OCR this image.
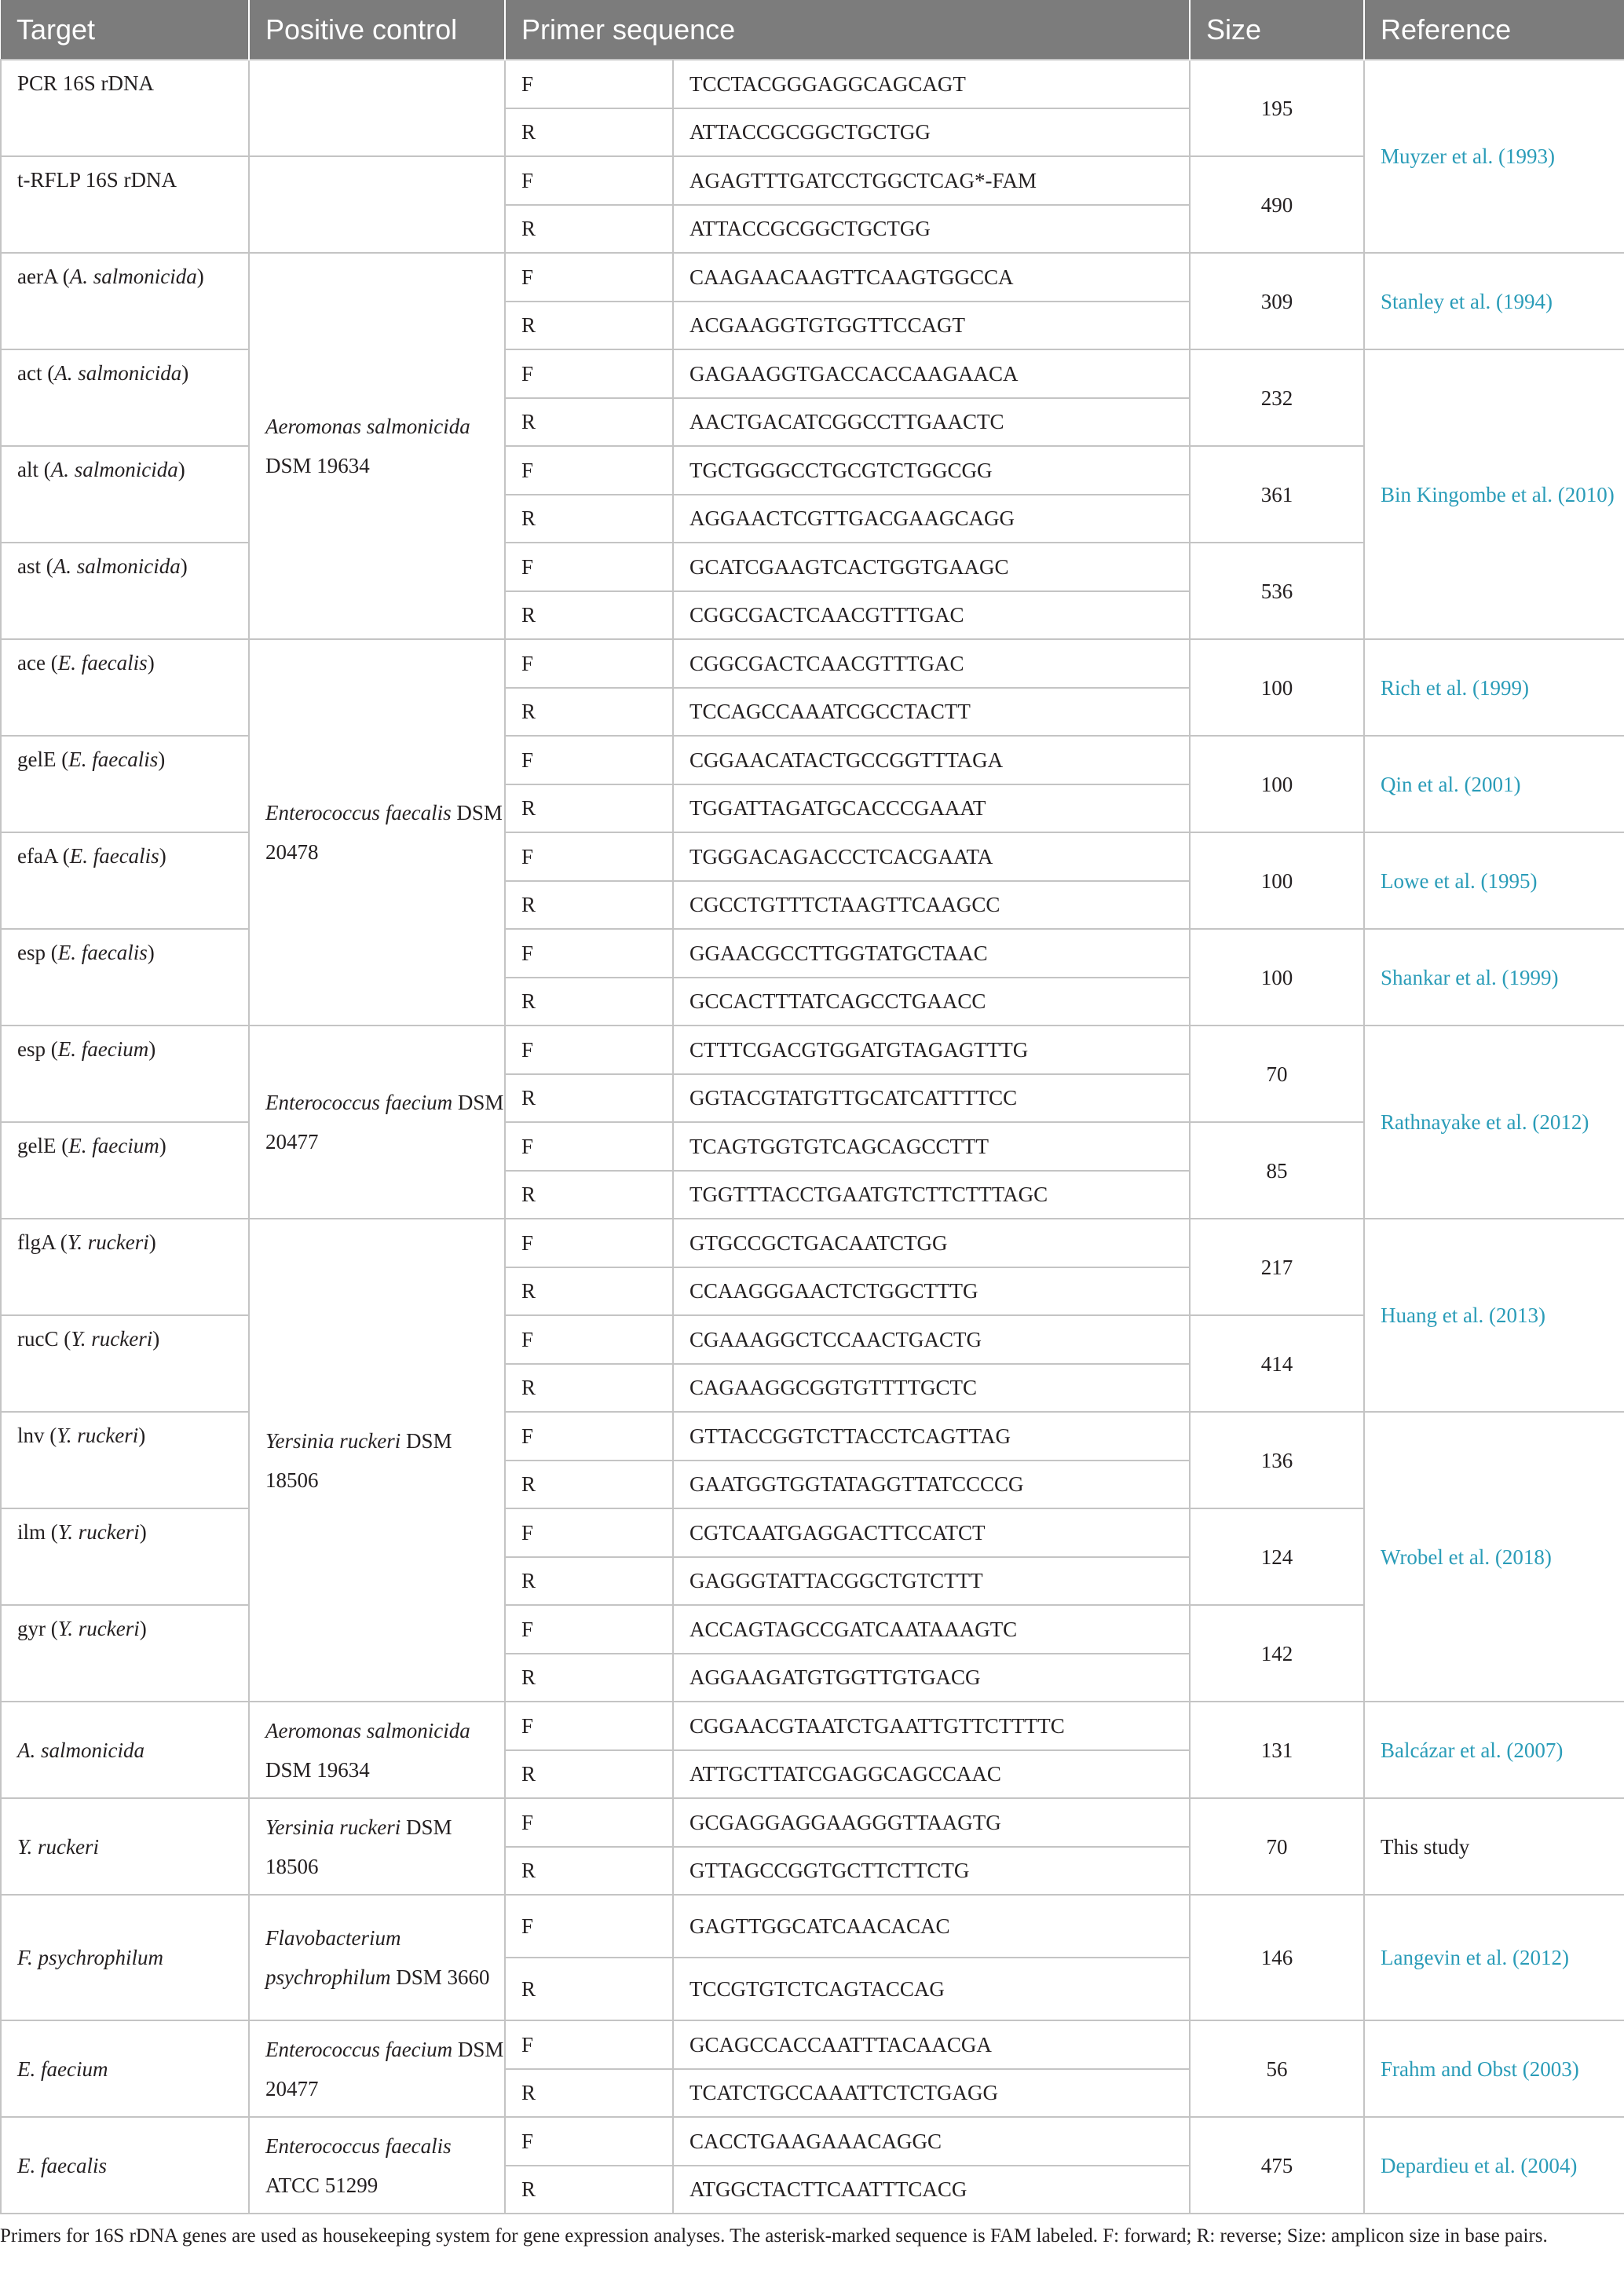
Target	Positive control	Primer sequence		Size	Reference
PCR 16S rDNA		F	TCCTACGGGAGGCAGCAGT	195	Muyzer et al. (1993)
		R	ATTACCGCGGCTGCTGG		
t-RFLP 16S rDNA		F	AGAGTTTGATCCTGGCTCAG*-FAM	490	
		R	ATTACCGCGGCTGCTGG		
aerA (A. salmonicida)	Aeromonas salmonicida DSM 19634	F	CAAGAACAAGTTCAAGTGGCCA	309	Stanley et al. (1994)
		R	ACGAAGGTGTGGTTCCAGT		
act (A. salmonicida)		F	GAGAAGGTGACCACCAAGAACA	232	Bin Kingombe et al. (2010)
		R	AACTGACATCGGCCTTGAACTC		
alt (A. salmonicida)		F	TGCTGGGCCTGCGTCTGGCGG	361	
		R	AGGAACTCGTTGACGAAGCAGG		
ast (A. salmonicida)		F	GCATCGAAGTCACTGGTGAAGC	536	
		R	CGGCGACTCAACGTTTGAC		
ace (E. faecalis)	Enterococcus faecalis DSM 20478	F	CGGCGACTCAACGTTTGAC	100	Rich et al. (1999)
		R	TCCAGCCAAATCGCCTACTT		
gelE (E. faecalis)		F	CGGAACATACTGCCGGTTTAGA	100	Qin et al. (2001)
		R	TGGATTAGATGCACCCGAAAT		
efaA (E. faecalis)		F	TGGGACAGACCCTCACGAATA	100	Lowe et al. (1995)
		R	CGCCTGTTTCTAAGTTCAAGCC		
esp (E. faecalis)		F	GGAACGCCTTGGTATGCTAAC	100	Shankar et al. (1999)
		R	GCCACTTTATCAGCCTGAACC		
esp (E. faecium)	Enterococcus faecium DSM 20477	F	CTTTCGACGTGGATGTAGAGTTTG	70	Rathnayake et al. (2012)
		R	GGTACGTATGTTGCATCATTTTCC		
gelE (E. faecium)		F	TCAGTGGTGTCAGCAGCCTTT	85	
		R	TGGTTTACCTGAATGTCTTCTTTAGC		
flgA (Y. ruckeri)	Yersinia ruckeri DSM 18506	F	GTGCCGCTGACAATCTGG	217	Huang et al. (2013)
		R	CCAAGGGAACTCTGGCTTTG		
rucC (Y. ruckeri)		F	CGAAAGGCTCCAACTGACTG	414	
		R	CAGAAGGCGGTGTTTTGCTC		
lnv (Y. ruckeri)		F	GTTACCGGTCTTACCTCAGTTAG	136	Wrobel et al. (2018)
		R	GAATGGTGGTATAGGTTATCCCCG		
ilm (Y. ruckeri)		F	CGTCAATGAGGACTTCCATCT	124	
		R	GAGGGTATTACGGCTGTCTTT		
gyr (Y. ruckeri)		F	ACCAGTAGCCGATCAATAAAGTC	142	
		R	AGGAAGATGTGGTTGTGACG		
A. salmonicida	Aeromonas salmonicida DSM 19634	F	CGGAACGTAATCTGAATTGTTCTTTTC	131	Balcázar et al. (2007)
		R	ATTGCTTATCGAGGCAGCCAAC		
Y. ruckeri	Yersinia ruckeri DSM 18506	F	GCGAGGAGGAAGGGTTAAGTG	70	This study
		R	GTTAGCCGGTGCTTCTTCTG		
F. psychrophilum	Flavobacterium psychrophilum DSM 3660	F	GAGTTGGCATCAACACAC	146	Langevin et al. (2012)
		R	TCCGTGTCTCAGTACCAG		
E. faecium	Enterococcus faecium DSM 20477	F	GCAGCCACCAATTTACAACGA	56	Frahm and Obst (2003)
		R	TCATCTGCCAAATTCTCTGAGG		
E. faecalis	Enterococcus faecalis ATCC 51299	F	CACCTGAAGAAACAGGC	475	Depardieu et al. (2004)
		R	ATGGCTACTTCAATTTCACG		
Primers for 16S rDNA genes are used as housekeeping system for gene expression analyses. The asterisk-marked sequence is FAM labeled. F: forward; R: reverse; Size: amplicon size in base pairs.
